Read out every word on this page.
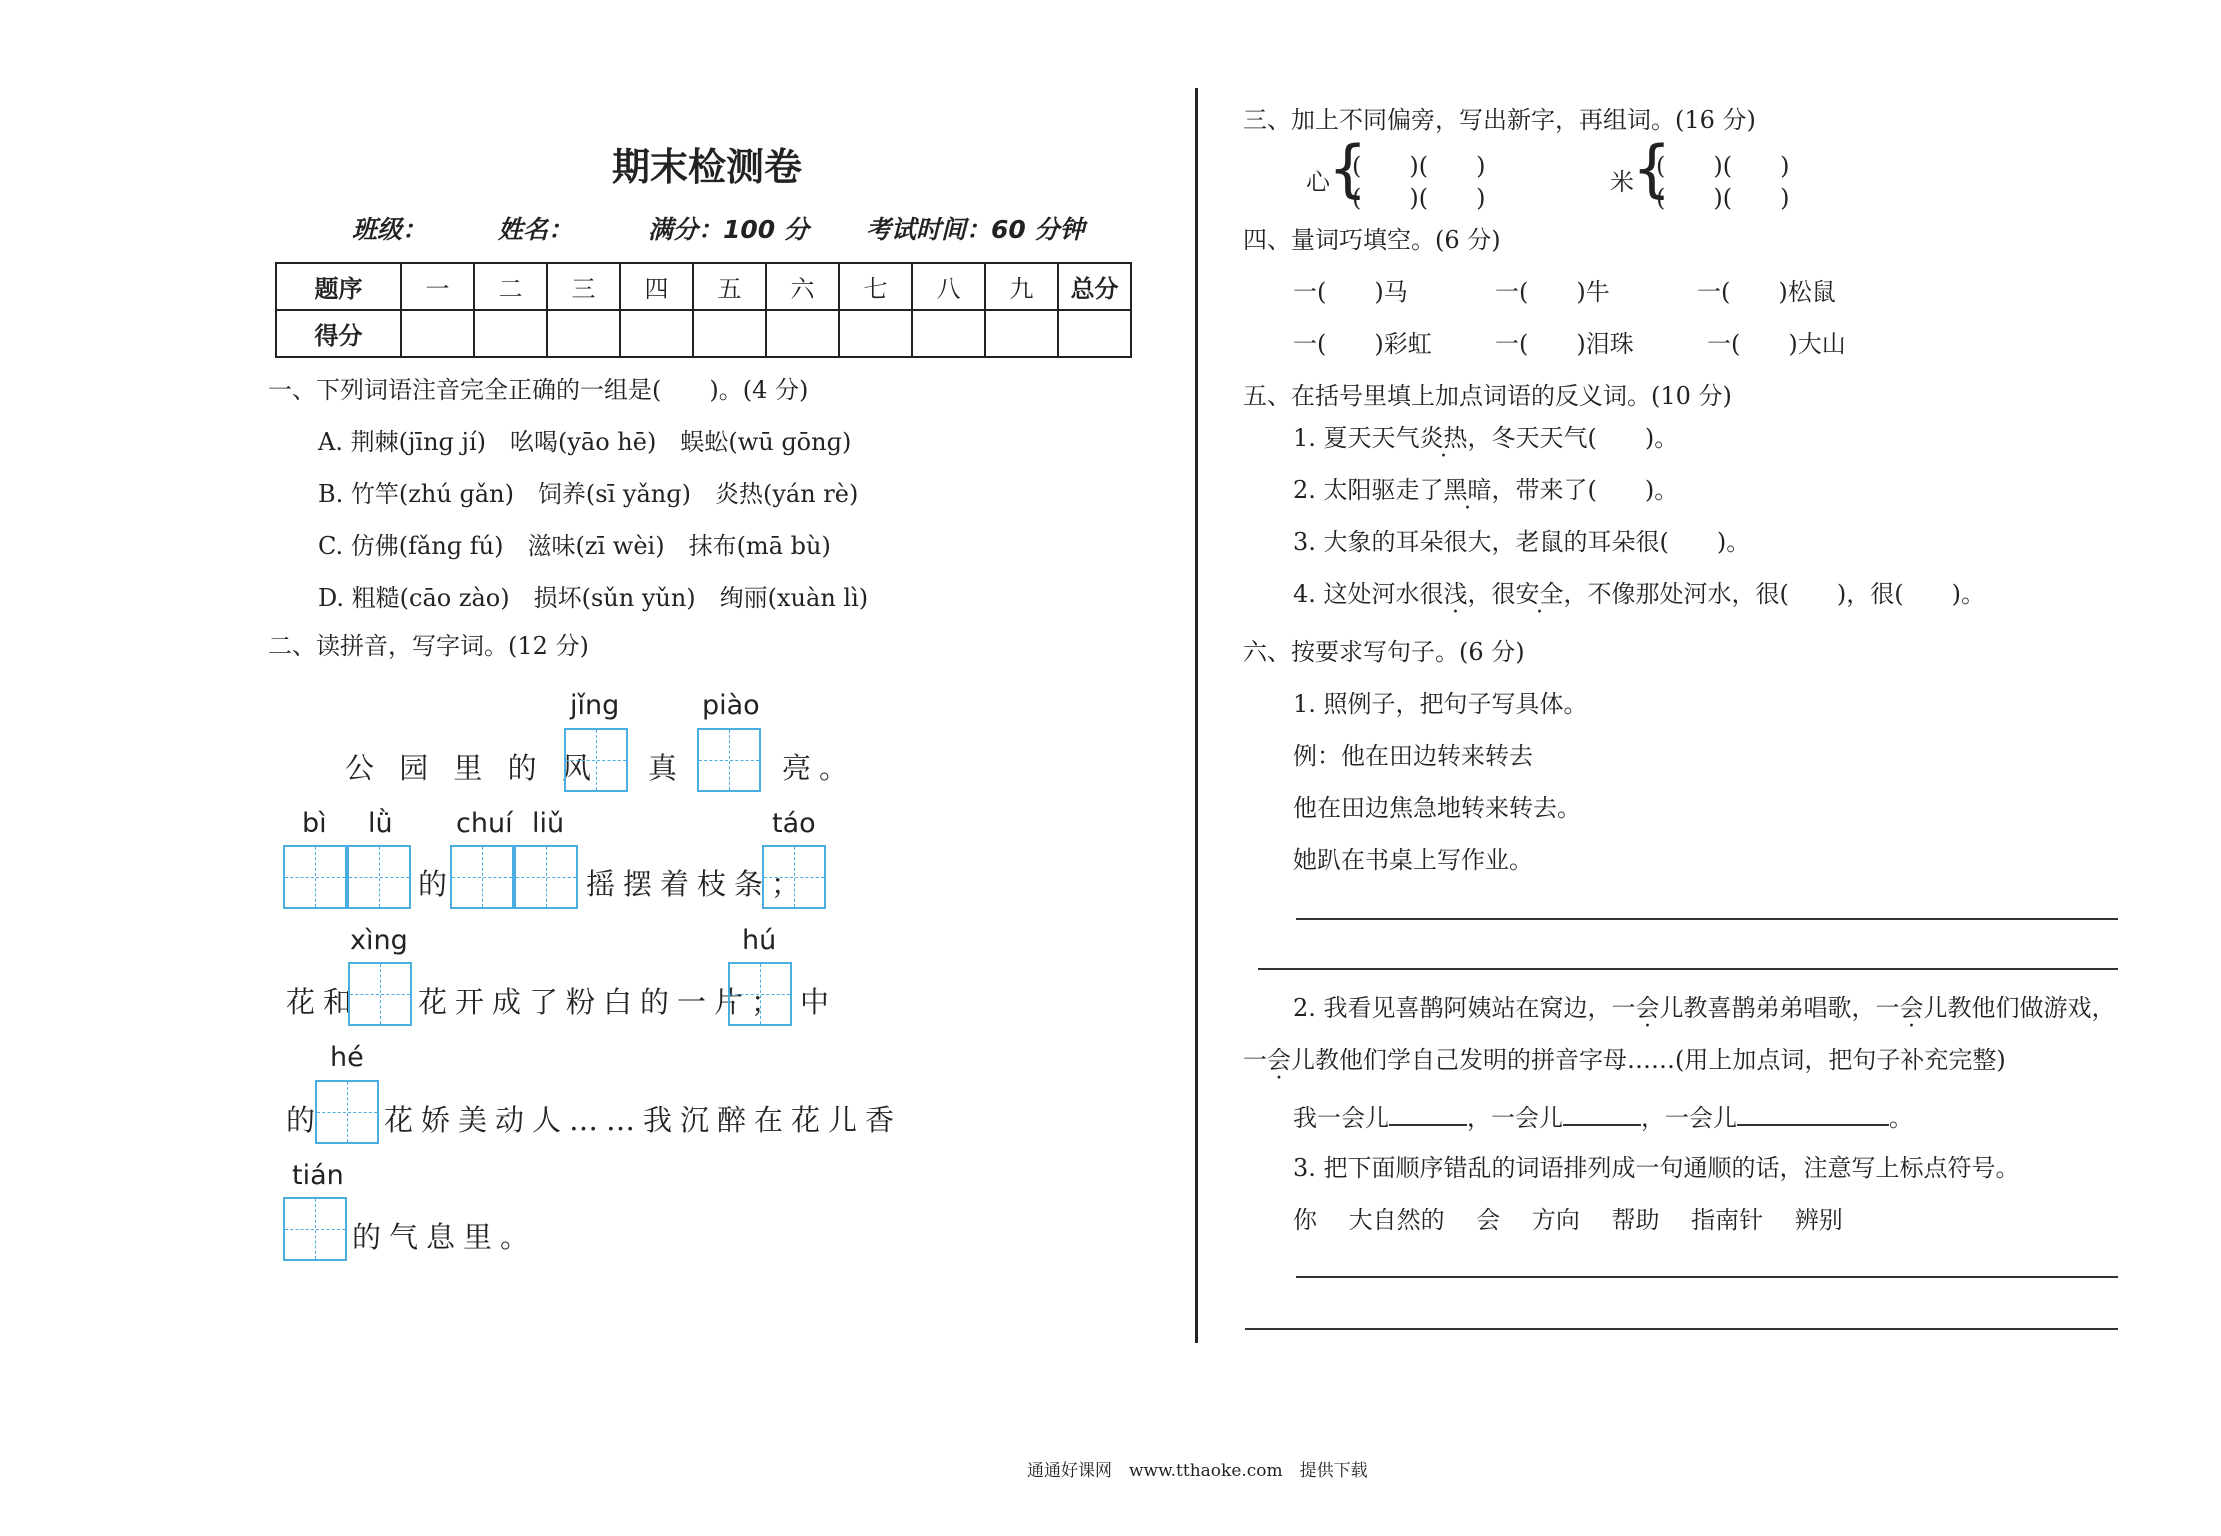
期末检测卷
班级：	姓名：	满分：100 分 考试时间：60 分钟
题序	一	二	三	四	五	六	七	八	九	总分
得分										
一、下列词语注音完全正确的一组是(　　)。(4 分)
A. 荆棘(jīnɡ jí)　吆喝(yāo hē)　蜈蚣(wū ɡōnɡ)
B. 竹竿(zhú ɡǎn)　饲养(sī yǎnɡ)　炎热(yán rè)
C. 仿佛(fǎnɡ fú)　滋味(zī wèi)　抹布(mā bù)
D. 粗糙(cāo zào)　损坏(sǔn yǔn)　绚丽(xuàn lì)
二、读拼音，写字词。(12 分)
jǐng	piào
公 园 里 的 风 真	亮。
bì lǜ chuí liǔ	táo
的	摇摆着枝条；
xìng	hú
花和 花开成了粉白的一片； 中
hé
的 花娇美动人……我沉醉在花儿香
tián
的气息里。
三、加上不同偏旁，写出新字，再组词。(16 分)
心
{
(　　)(　　)
(　　)(　　)
米
{
(　　)(　　)
(　　)(　　)
四、量词巧填空。(6 分)
一(　　)马	一(　　)牛	一(　　)松鼠
一(　　)彩虹	一(　　)泪珠	一(　　)大山
五、在括号里填上加点词语的反义词。(10 分)
1. 夏天天气炎热，冬天天气(　　)。
2. 太阳驱走了黑暗，带来了(　　)。
3. 大象的耳朵很大，老鼠的耳朵很(　　)。
4. 这处河水很浅，很安全，不像那处河水，很(　　)，很(　　)。
六、按要求写句子。(6 分)
1. 照例子，把句子写具体。
例：他在田边转来转去
他在田边焦急地转来转去。
她趴在书桌上写作业。
2. 我看见喜鹊阿姨站在窝边，一会儿教喜鹊弟弟唱歌，一会儿教他们做游戏，
一会儿教他们学自己发明的拼音字母……(用上加点词，把句子补充完整)
我一会儿	，一会儿	，一会儿	。
3. 把下面顺序错乱的词语排列成一句通顺的话，注意写上标点符号。
你　 大自然的　 会　 方向　 帮助　 指南针　 辨别
通通好课网　www.tthaoke.com　提供下载
